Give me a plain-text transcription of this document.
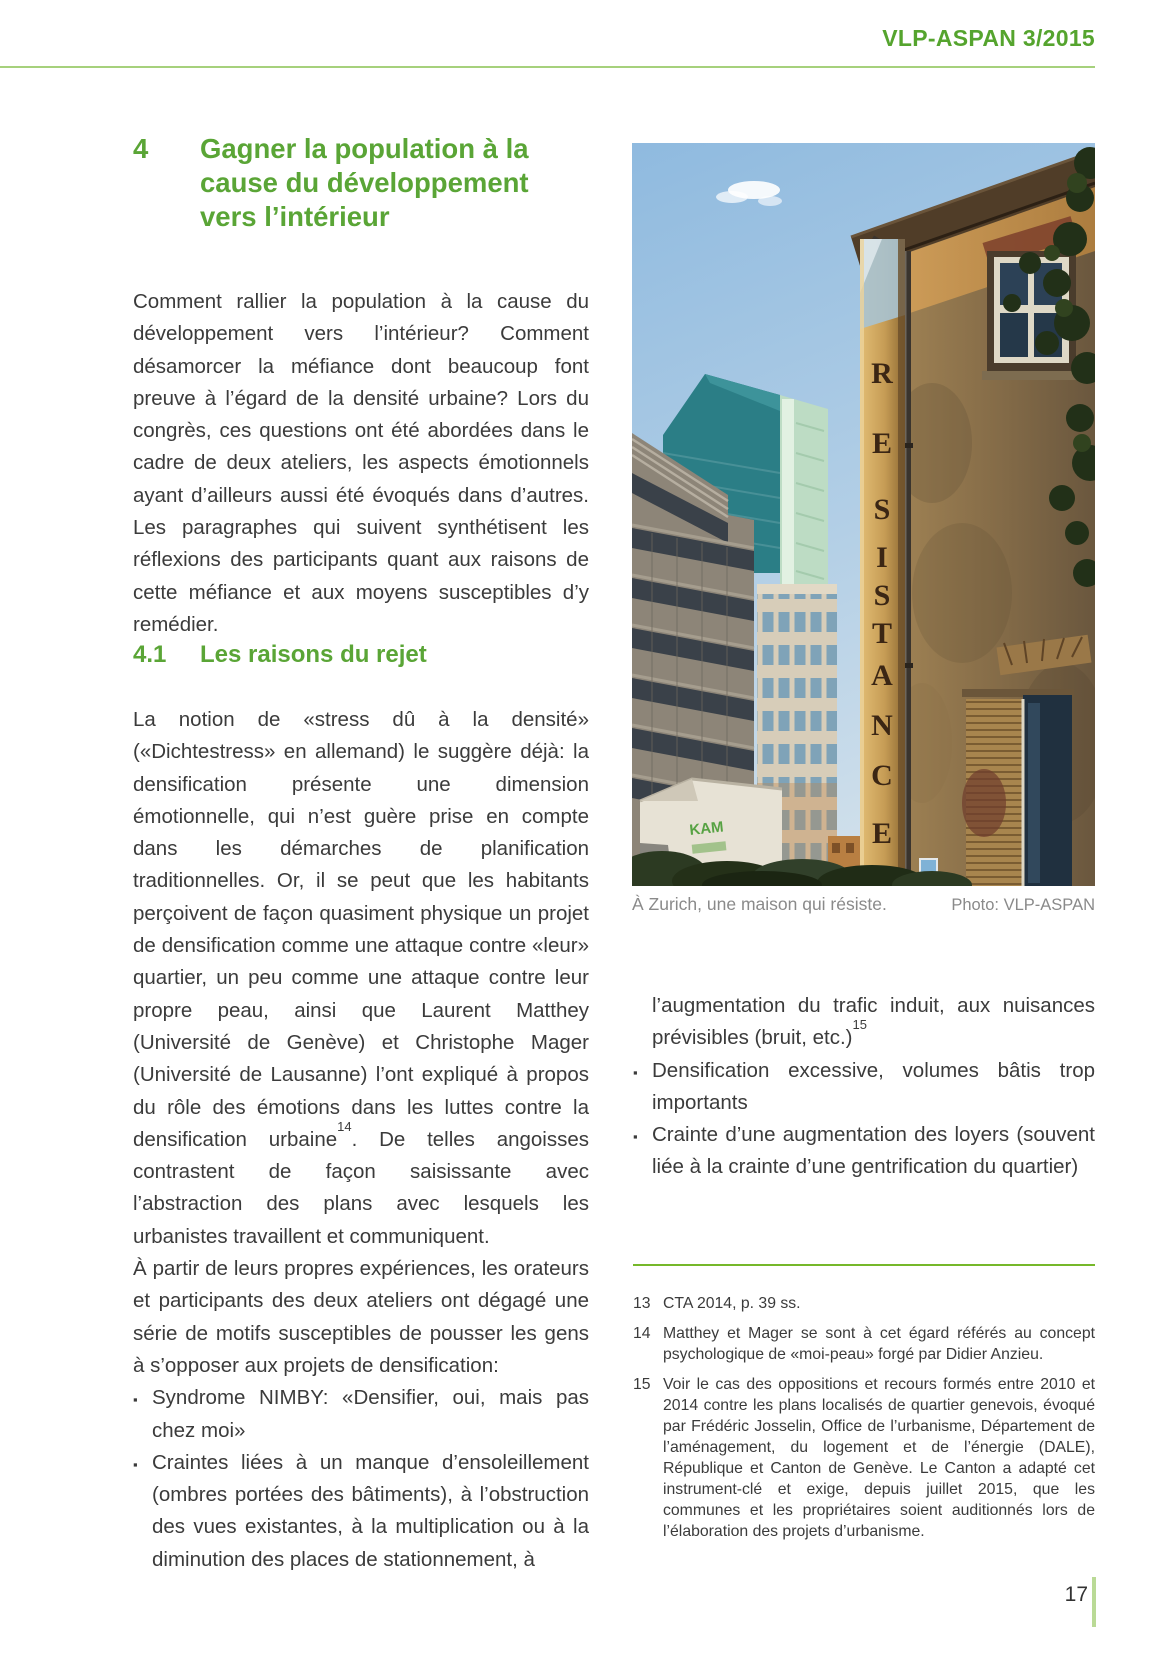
VLP-ASPAN 3/2015
4	Gagner la population à la cause du développement vers l’intérieur

Comment rallier la population à la cause du développement vers l’intérieur? Comment désamorcer la méfiance dont beaucoup font preuve à l’égard de la densité urbaine? Lors du congrès, ces questions ont été abordées dans le cadre de deux ateliers, les aspects émotionnels ayant d’ailleurs aussi été évoqués dans d’autres. Les paragraphes qui suivent synthétisent les réflexions des participants quant aux raisons de cette méfiance et aux moyens susceptibles d’y remédier.

4.1	Les raisons du rejet

La notion de «stress dû à la densité» («Dichtestress» en allemand) le suggère déjà: la densification présente une dimension émotionnelle, qui n’est guère prise en compte dans les démarches de planification traditionnelles. Or, il se peut que les habitants perçoivent de façon quasiment physique un projet de densification comme une attaque contre «leur» quartier, un peu comme une attaque contre leur propre peau, ainsi que Laurent Matthey (Université de Genève) et Christophe Mager (Université de Lausanne) l’ont expliqué à propos du rôle des émotions dans les luttes contre la densification urbaine$^{14}$. De telles angoisses contrastent de façon saisissante avec l’abstraction des plans avec lesquels les urbanistes travaillent et communiquent.

À partir de leurs propres expériences, les orateurs et participants des deux ateliers ont dégagé une série de motifs susceptibles de pousser les gens à s’opposer aux projets de densification:

▪ Syndrome NIMBY: «Densifier, oui, mais pas chez moi»
▪ Craintes liées à un manque d’ensoleillement (ombres portées des bâtiments), à l’obstruction des vues existantes, à la multiplication ou à la diminution des places de stationnement, à
R
E
S
I
S
T
A
N
C
E
KAM
À Zurich, une maison qui résiste.	Photo: VLP-ASPAN
l’augmentation du trafic induit, aux nuisances prévisibles (bruit, etc.)$^{15}$
▪ Densification excessive, volumes bâtis trop importants
▪ Crainte d’une augmentation des loyers (souvent liée à la crainte d’une gentrification du quartier)
13 CTA 2014, p. 39 ss.
14 Matthey et Mager se sont à cet égard référés au concept psychologique de «moi-peau» forgé par Didier Anzieu.
15 Voir le cas des oppositions et recours formés entre 2010 et 2014 contre les plans localisés de quartier genevois, évoqué par Frédéric Josselin, Office de l’urbanisme, Département de l’aménagement, du logement et de l’énergie (DALE), République et Canton de Genève. Le Canton a adapté cet instrument-clé et exige, depuis juillet 2015, que les communes et les propriétaires soient auditionnés lors de l’élaboration des projets d’urbanisme.
17
